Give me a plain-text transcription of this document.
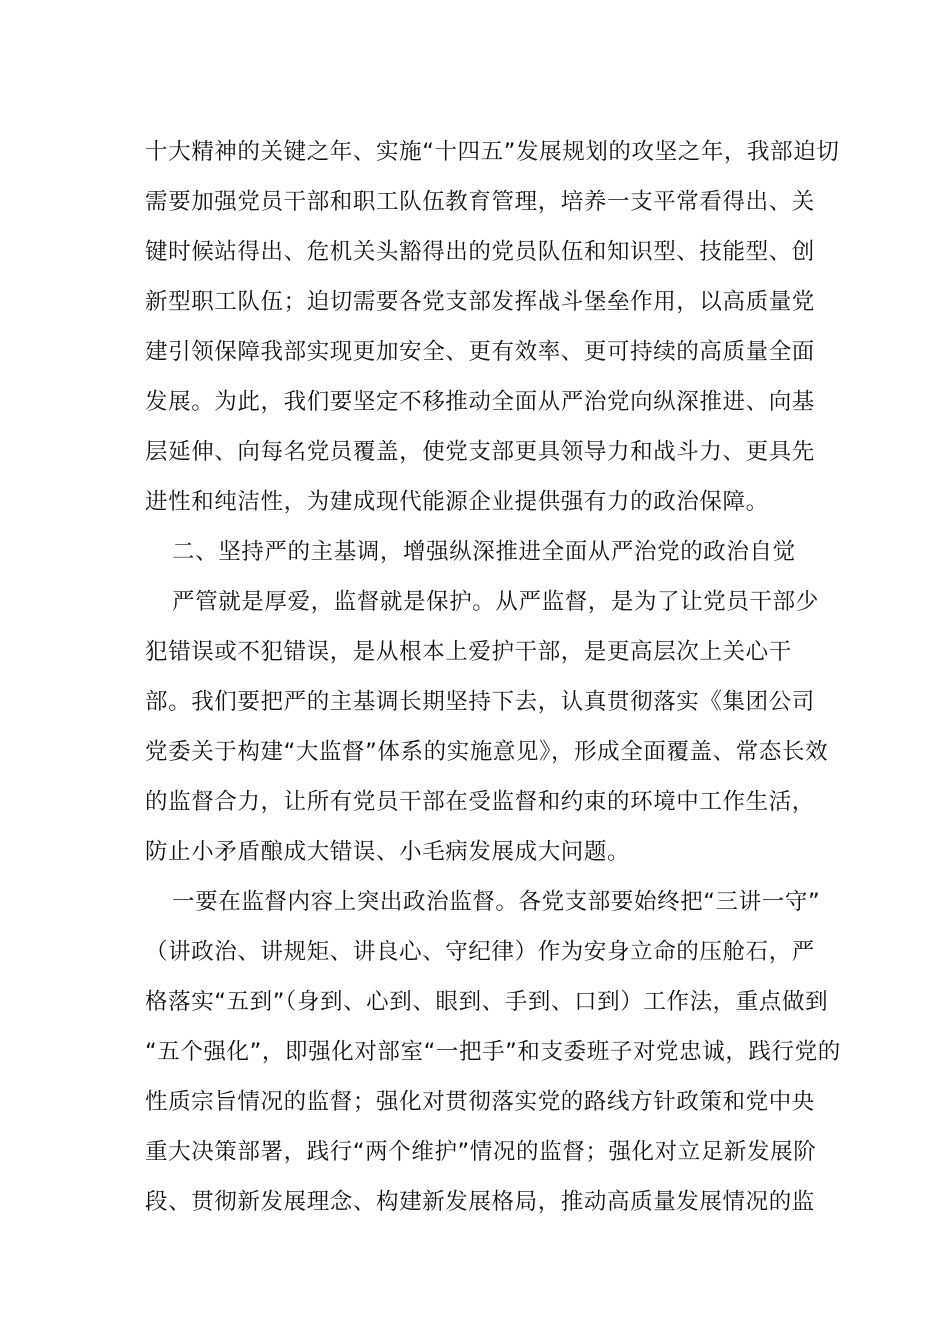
十大精神的关键之年、实施“十四五”发展规划的攻坚之年，我部迫切
需要加强党员干部和职工队伍教育管理，培养一支平常看得出、关
键时候站得出、危机关头豁得出的党员队伍和知识型、技能型、创
新型职工队伍；迫切需要各党支部发挥战斗堡垒作用，以高质量党
建引领保障我部实现更加安全、更有效率、更可持续的高质量全面
发展。为此，我们要坚定不移推动全面从严治党向纵深推进、向基
层延伸、向每名党员覆盖，使党支部更具领导力和战斗力、更具先
进性和纯洁性，为建成现代能源企业提供强有力的政治保障。
二、坚持严的主基调，增强纵深推进全面从严治党的政治自觉
严管就是厚爱，监督就是保护。从严监督，是为了让党员干部少
犯错误或不犯错误，是从根本上爱护干部，是更高层次上关心干
部。我们要把严的主基调长期坚持下去，认真贯彻落实《集团公司
党委关于构建“大监督”体系的实施意见》，形成全面覆盖、常态长效
的监督合力，让所有党员干部在受监督和约束的环境中工作生活，
防止小矛盾酿成大错误、小毛病发展成大问题。
一要在监督内容上突出政治监督。各党支部要始终把“三讲一守”
（讲政治、讲规矩、讲良心、守纪律）作为安身立命的压舱石，严
格落实“五到”（身到、心到、眼到、手到、口到）工作法，重点做到
“五个强化”，即强化对部室“一把手”和支委班子对党忠诚，践行党的
性质宗旨情况的监督；强化对贯彻落实党的路线方针政策和党中央
重大决策部署，践行“两个维护”情况的监督；强化对立足新发展阶
段、贯彻新发展理念、构建新发展格局，推动高质量发展情况的监
